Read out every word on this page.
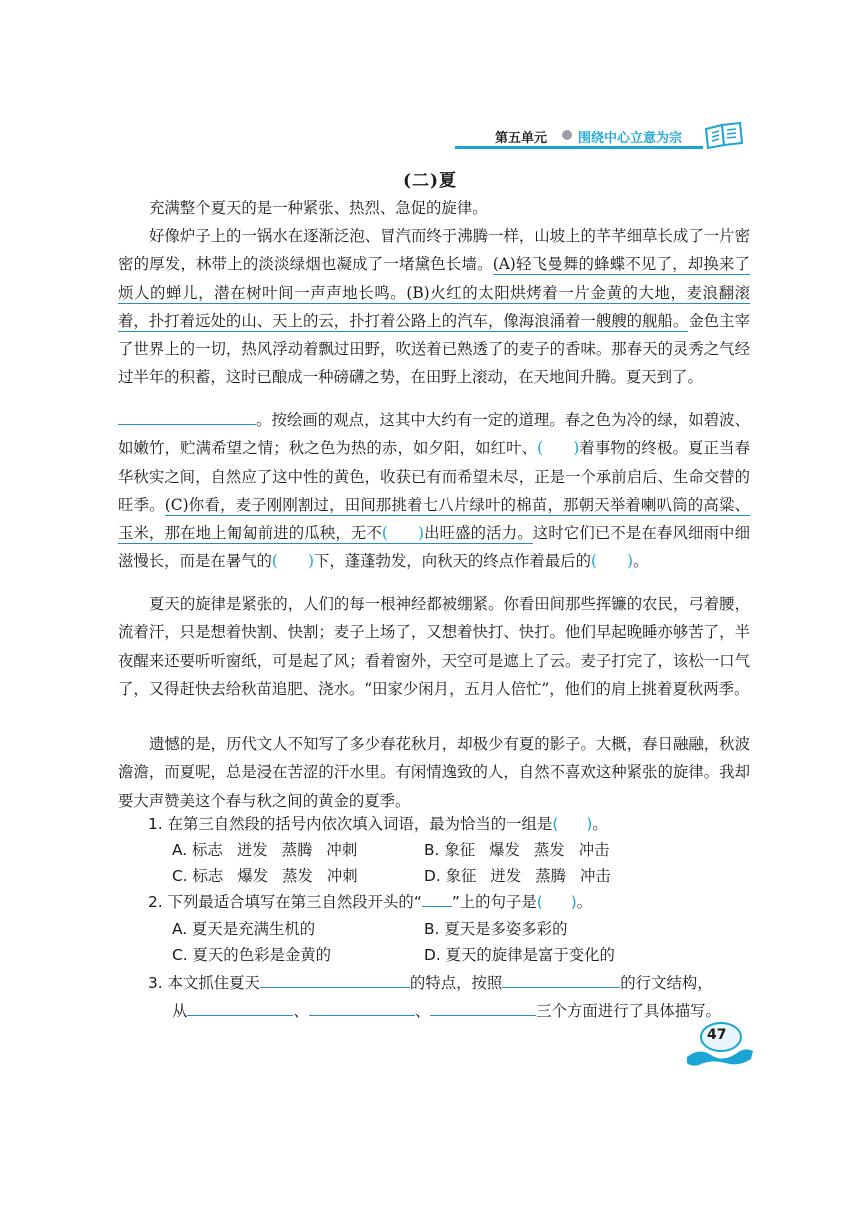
第五单元 围绕中心立意为宗
(二)夏
充满整个夏天的是一种紧张、热烈、急促的旋律。
好像炉子上的一锅水在逐渐泛泡、冒汽而终于沸腾一样，山坡上的芊芊细草长成了一片密密的厚发，林带上的淡淡绿烟也凝成了一堵黛色长墙。(A)轻飞曼舞的蜂蝶不见了，却换来了烦人的蝉儿，潜在树叶间一声声地长鸣。(B)火红的太阳烘烤着一片金黄的大地，麦浪翻滚着，扑打着远处的山、天上的云，扑打着公路上的汽车，像海浪涌着一艘艘的舰船。金色主宰了世界上的一切，热风浮动着飘过田野，吹送着已熟透了的麦子的香味。那春天的灵秀之气经过半年的积蓄，这时已酿成一种磅礴之势，在田野上滚动，在天地间升腾。夏天到了。
。按绘画的观点，这其中大约有一定的道理。春之色为冷的绿，如碧波、如嫩竹，贮满希望之情；秋之色为热的赤，如夕阳，如红叶、( )着事物的终极。夏正当春华秋实之间，自然应了这中性的黄色，收获已有而希望未尽，正是一个承前启后、生命交替的旺季。(C)你看，麦子刚刚割过，田间那挑着七八片绿叶的棉苗，那朝天举着喇叭筒的高粱、玉米，那在地上匍匐前进的瓜秧，无不( )出旺盛的活力。这时它们已不是在春风细雨中细滋慢长，而是在暑气的( )下，蓬蓬勃发，向秋天的终点作着最后的( )。
夏天的旋律是紧张的，人们的每一根神经都被绷紧。你看田间那些挥镰的农民，弓着腰，流着汗，只是想着快割、快割；麦子上场了，又想着快打、快打。他们早起晚睡亦够苦了，半夜醒来还要听听窗纸，可是起了风；看着窗外，天空可是遮上了云。麦子打完了，该松一口气了，又得赶快去给秋苗追肥、浇水。“田家少闲月，五月人倍忙”，他们的肩上挑着夏秋两季。
遗憾的是，历代文人不知写了多少春花秋月，却极少有夏的影子。大概，春日融融，秋波澹澹，而夏呢，总是浸在苦涩的汗水里。有闲情逸致的人，自然不喜欢这种紧张的旋律。我却要大声赞美这个春与秋之间的黄金的夏季。
1. 在第三自然段的括号内依次填入词语，最为恰当的一组是( )。
A. 标志 迸发 蒸腾 冲刺	B. 象征 爆发 蒸发 冲击
C. 标志 爆发 蒸发 冲刺	D. 象征 迸发 蒸腾 冲击
2. 下列最适合填写在第三自然段开头的“ ”上的句子是( )。
A. 夏天是充满生机的	B. 夏天是多姿多彩的
C. 夏天的色彩是金黄的	D. 夏天的旋律是富于变化的
3. 本文抓住夏天	的特点，按照	的行文结构，
从	、	、	三个方面进行了具体描写。
47
